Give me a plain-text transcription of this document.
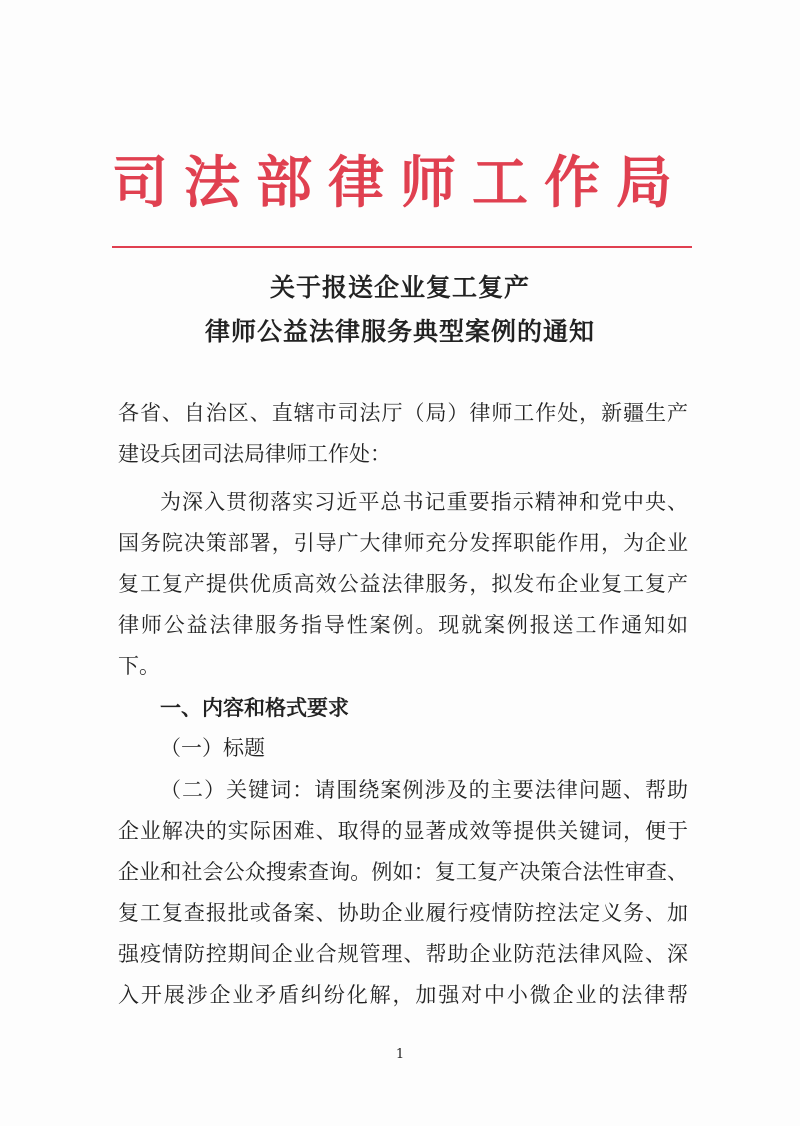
司法部律师工作局
关于报送企业复工复产
律师公益法律服务典型案例的通知
各省、自治区、直辖市司法厅（局）律师工作处，新疆生产
建设兵团司法局律师工作处：
为深入贯彻落实习近平总书记重要指示精神和党中央、
国务院决策部署，引导广大律师充分发挥职能作用，为企业
复工复产提供优质高效公益法律服务，拟发布企业复工复产
律师公益法律服务指导性案例。现就案例报送工作通知如
下。
一、内容和格式要求
（一）标题
（二）关键词：请围绕案例涉及的主要法律问题、帮助
企业解决的实际困难、取得的显著成效等提供关键词，便于
企业和社会公众搜索查询。例如：复工复产决策合法性审查、
复工复查报批或备案、协助企业履行疫情防控法定义务、加
强疫情防控期间企业合规管理、帮助企业防范法律风险、深
入开展涉企业矛盾纠纷化解，加强对中小微企业的法律帮
1
